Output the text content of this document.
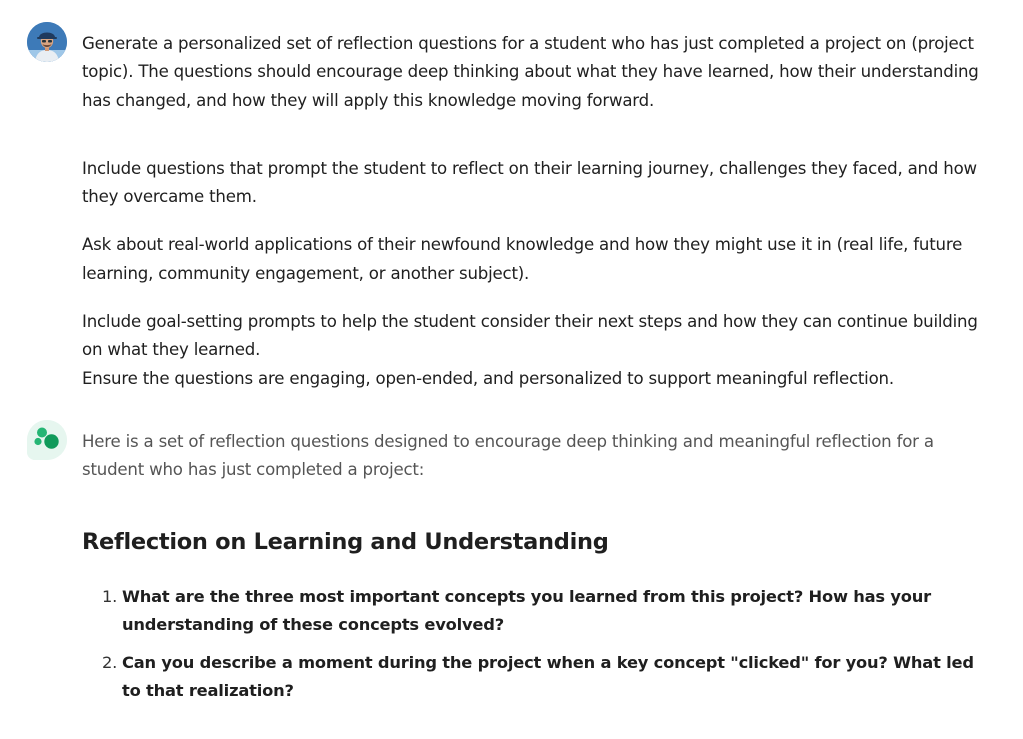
Generate a personalized set of reflection questions for a student who has just completed a project on (project topic). The questions should encourage deep thinking about what they have learned, how their understanding has changed, and how they will apply this knowledge moving forward.

Include questions that prompt the student to reflect on their learning journey, challenges they faced, and how they overcame them.

Ask about real-world applications of their newfound knowledge and how they might use it in (real life, future learning, community engagement, or another subject).

Include goal-setting prompts to help the student consider their next steps and how they can continue building on what they learned.

Ensure the questions are engaging, open-ended, and personalized to support meaningful reflection.

Here is a set of reflection questions designed to encourage deep thinking and meaningful reflection for a student who has just completed a project:

Reflection on Learning and Understanding
1. What are the three most important concepts you learned from this project? How has your understanding of these concepts evolved?
2. Can you describe a moment during the project when a key concept "clicked" for you? What led to that realization?
